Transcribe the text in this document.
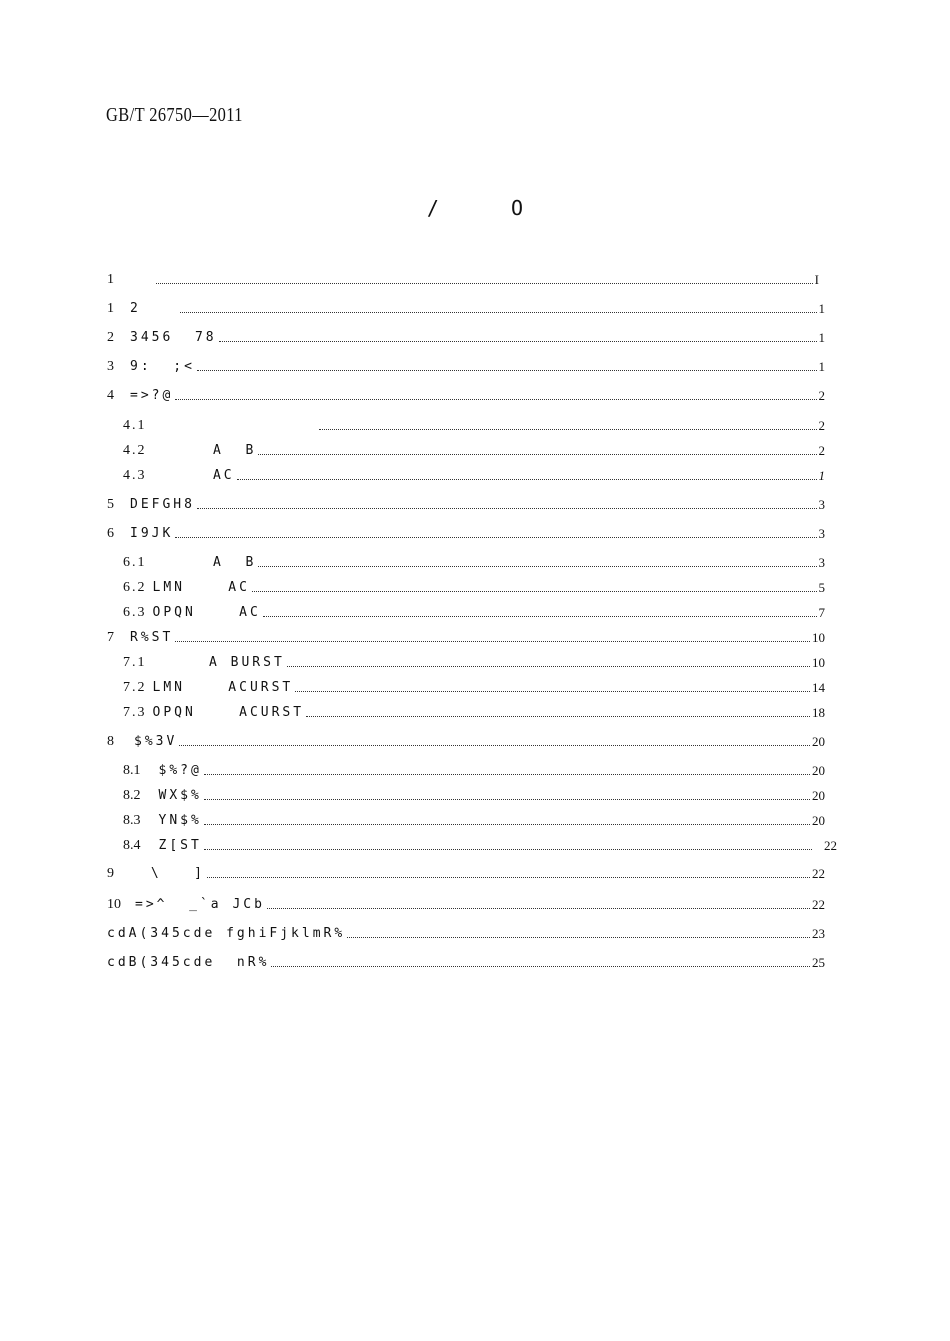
GB/T 26750—2011
/	O
1	I
1 2	1
2 3456  78	1
3 9:  ;<	1
4 =>?@	2
4.1	2
4.2	A  B	2
4.3	AC	1
5 DEFGH8	3
6 I9JK	3
6.1	A  B	3
6.2 LMN    AC	5
6.3 OPQN    AC	7
7 R%ST	10
7.1 A BURST	10
7.2 LMN    ACURST	14
7.3 OPQN    ACURST	18
8 $%3V	20
8.1 $%?@	20
8.2 WX$%	20
8.3 YN$%	20
8.4 Z[ST	22
9 \   ]	22
10 =>^  _`a JCb	22
cdA(345cde fghiFjklmR%	23
cdB(345cde  nR%	25
